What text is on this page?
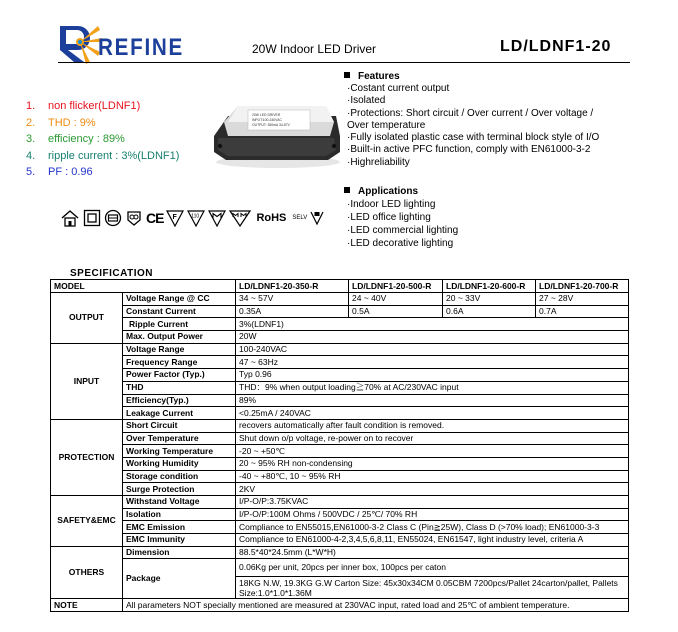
REFINE	20W Indoor LED Driver	LD/LDNF1-20
1. non flicker(LDNF1)
2. THD : 9%
3. efficiency : 89%
4. ripple current : 3%(LDNF1)
5. PF : 0.96
20W LED DRIVER
INPUT:100-240VAC
OUTPUT: 350mA 34-57V
Features
·Costant current output
·Isolated
·Protections: Short circuit / Over current / Over voltage /
Over temperature
·Fully isolated plastic case with terminal block style of I/O
·Built-in active PFC function, comply with EN61000-3-2
·Highreliability
Applications
·Indoor LED lighting
·LED office lighting
·LED commercial lighting
·LED decorative lighting
CE F	110	RoHS SELV
SPECIFICATION
MODEL		LD/LDNF1-20-350-R	LD/LDNF1-20-500-R	LD/LDNF1-20-600-R	LD/LDNF1-20-700-R
OUTPUT	Voltage Range @ CC	34 ~ 57V	24 ~ 40V	20 ~ 33V	27 ~ 28V
	Constant Current	0.35A	0.5A	0.6A	0.7A
	Ripple Current	3%(LDNF1)			
	Max. Output Power	20W			
INPUT	Voltage Range	100-240VAC			
	Frequency Range	47 ~ 63Hz			
	Power Factor (Typ.)	Typ 0.96			
	THD	THD：9% when output loading≧70% at AC/230VAC input			
	Efficiency(Typ.)	89%			
	Leakage Current	<0.25mA / 240VAC			
PROTECTION	Short Circuit	recovers automatically after fault condition is removed.			
	Over Temperature	Shut down o/p voltage, re-power on to recover			
	Working Temperature	-20 ~ +50℃			
	Working Humidity	20 ~ 95% RH non-condensing			
	Storage condition	-40 ~ +80℃, 10 ~ 95% RH			
	Surge Protection	2KV			
SAFETY&EMC	Withstand Voltage	I/P-O/P:3.75KVAC			
	Isolation	I/P-O/P:100M Ohms / 500VDC / 25℃/ 70% RH			
	EMC Emission	Compliance to EN55015,EN61000-3-2 Class C (Pin≧25W), Class D (>70% load); EN61000-3-3			
	EMC Immunity	Compliance to EN61000-4-2,3,4,5,6,8,11, EN55024, EN61547, light industry level, criteria A			
OTHERS	Dimension	88.5*40*24.5mm (L*W*H)			
	Package	0.06Kg per unit, 20pcs per inner box, 100pcs per caton			
		18KG N.W, 19.3KG G.W Carton Size: 45x30x34CM 0.05CBM 7200pcs/Pallet 24carton/pallet, Pallets Size:1.0*1.0*1.36M			
NOTE	All parameters NOT specially mentioned are measured at 230VAC input, rated load and 25℃ of ambient temperature.				
